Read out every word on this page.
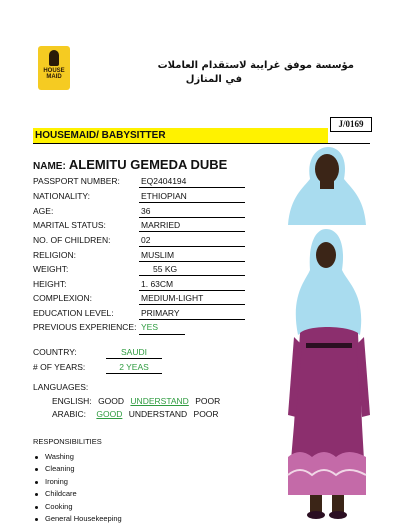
HOUSE MAID
مؤسسة موفق غرايبة لاستقدام العاملات
في المنازل
J/0169
HOUSEMAID/ BABYSITTER
NAME: ALEMITU GEMEDA DUBE
PASSPORT NUMBER: EQ2404194
NATIONALITY:	ETHIOPIAN
AGE:	36
MARITAL STATUS:	MARRIED
NO. OF CHILDREN:	02
RELIGION:	MUSLIM
WEIGHT:	55 KG
HEIGHT:	1. 63CM
COMPLEXION:	MEDIUM-LIGHT
EDUCATION LEVEL:	PRIMARY
PREVIOUS EXPERIENCE: YES
COUNTRY:	SAUDI
# OF YEARS:	2 YEAS
LANGUAGES:
ENGLISH: GOOD UNDERSTAND POOR
ARABIC: GOOD UNDERSTAND POOR
RESPONSIBILITIES
Washing
Cleaning
Ironing
Childcare
Cooking
General Housekeeping
